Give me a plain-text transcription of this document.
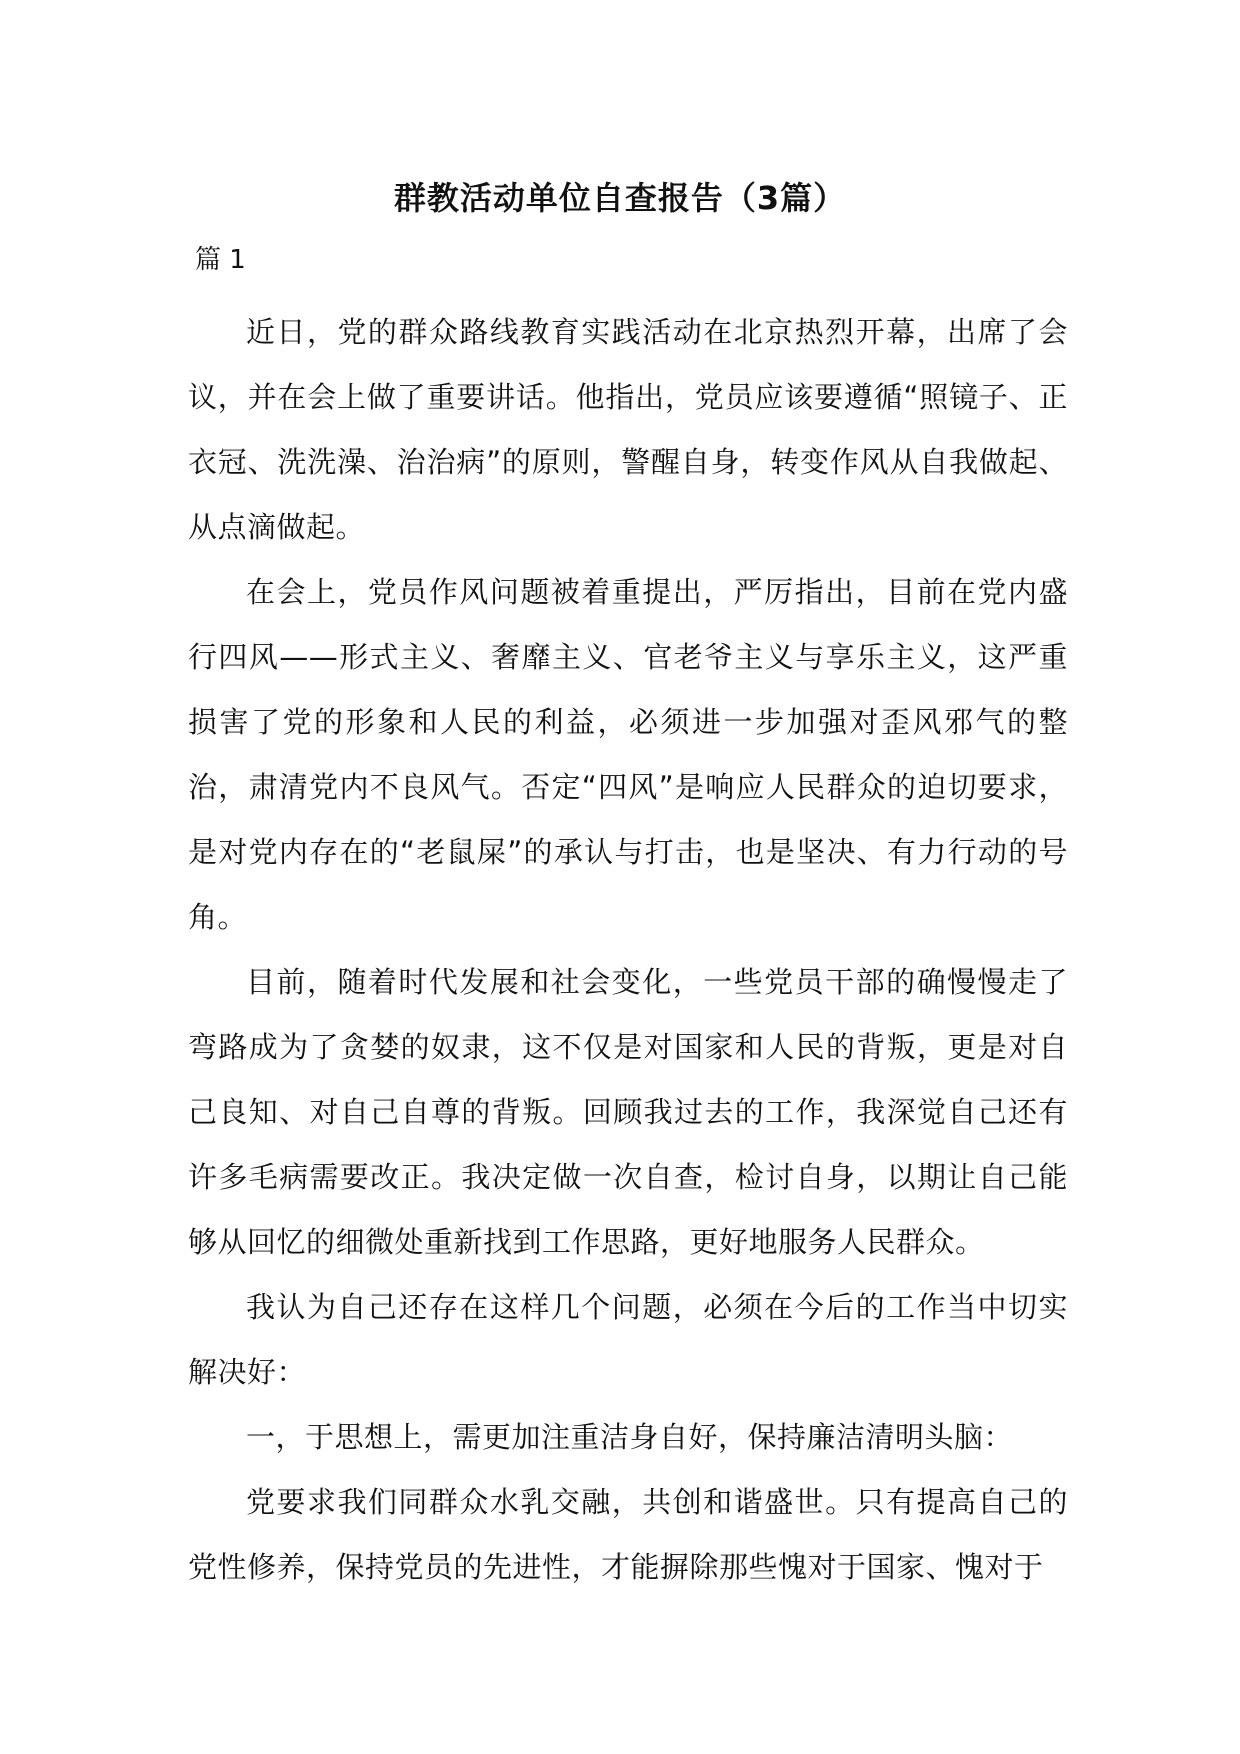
群教活动单位自查报告（3篇）
篇 1

近日，党的群众路线教育实践活动在北京热烈开幕，出席了会议，并在会上做了重要讲话。他指出，党员应该要遵循“照镜子、正衣冠、洗洗澡、治治病”的原则，警醒自身，转变作风从自我做起、从点滴做起。

在会上，党员作风问题被着重提出，严厉指出，目前在党内盛行四风——形式主义、奢靡主义、官老爷主义与享乐主义，这严重损害了党的形象和人民的利益，必须进一步加强对歪风邪气的整治，肃清党内不良风气。否定“四风”是响应人民群众的迫切要求，是对党内存在的“老鼠屎”的承认与打击，也是坚决、有力行动的号角。

目前，随着时代发展和社会变化，一些党员干部的确慢慢走了弯路成为了贪婪的奴隶，这不仅是对国家和人民的背叛，更是对自己良知、对自己自尊的背叛。回顾我过去的工作，我深觉自己还有许多毛病需要改正。我决定做一次自查，检讨自身，以期让自己能够从回忆的细微处重新找到工作思路，更好地服务人民群众。

我认为自己还存在这样几个问题，必须在今后的工作当中切实解决好：

一，于思想上，需更加注重洁身自好，保持廉洁清明头脑：

党要求我们同群众水乳交融，共创和谐盛世。只有提高自己的党性修养，保持党员的先进性，才能摒除那些愧对于国家、愧对于
